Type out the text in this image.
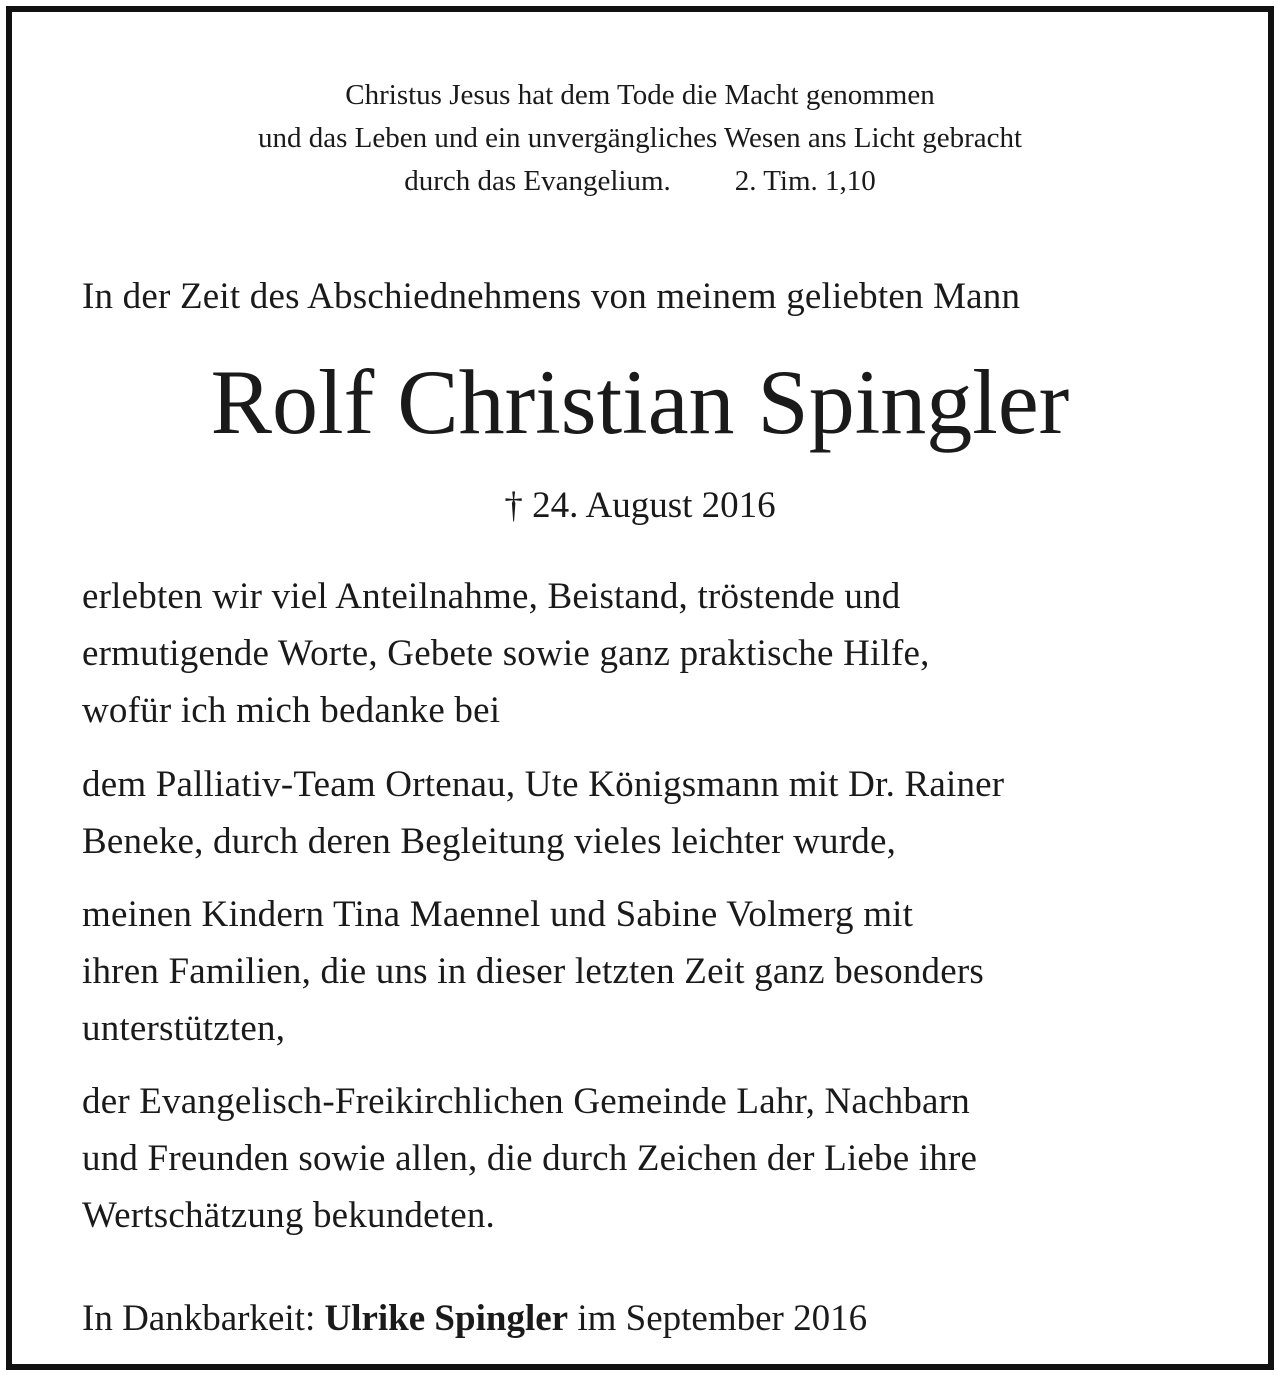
Christus Jesus hat dem Tode die Macht genommen
und das Leben und ein unvergängliches Wesen ans Licht gebracht
durch das Evangelium. 2. Tim. 1,10
In der Zeit des Abschiednehmens von meinem geliebten Mann
Rolf Christian Spingler
† 24. August 2016
erlebten wir viel Anteilnahme, Beistand, tröstende und
ermutigende Worte, Gebete sowie ganz praktische Hilfe,
wofür ich mich bedanke bei
dem Palliativ-Team Ortenau, Ute Königsmann mit Dr. Rainer
Beneke, durch deren Begleitung vieles leichter wurde,
meinen Kindern Tina Maennel und Sabine Volmerg mit
ihren Familien, die uns in dieser letzten Zeit ganz besonders
unterstützten,
der Evangelisch-Freikirchlichen Gemeinde Lahr, Nachbarn
und Freunden sowie allen, die durch Zeichen der Liebe ihre
Wertschätzung bekundeten.
In Dankbarkeit: Ulrike Spingler im September 2016
